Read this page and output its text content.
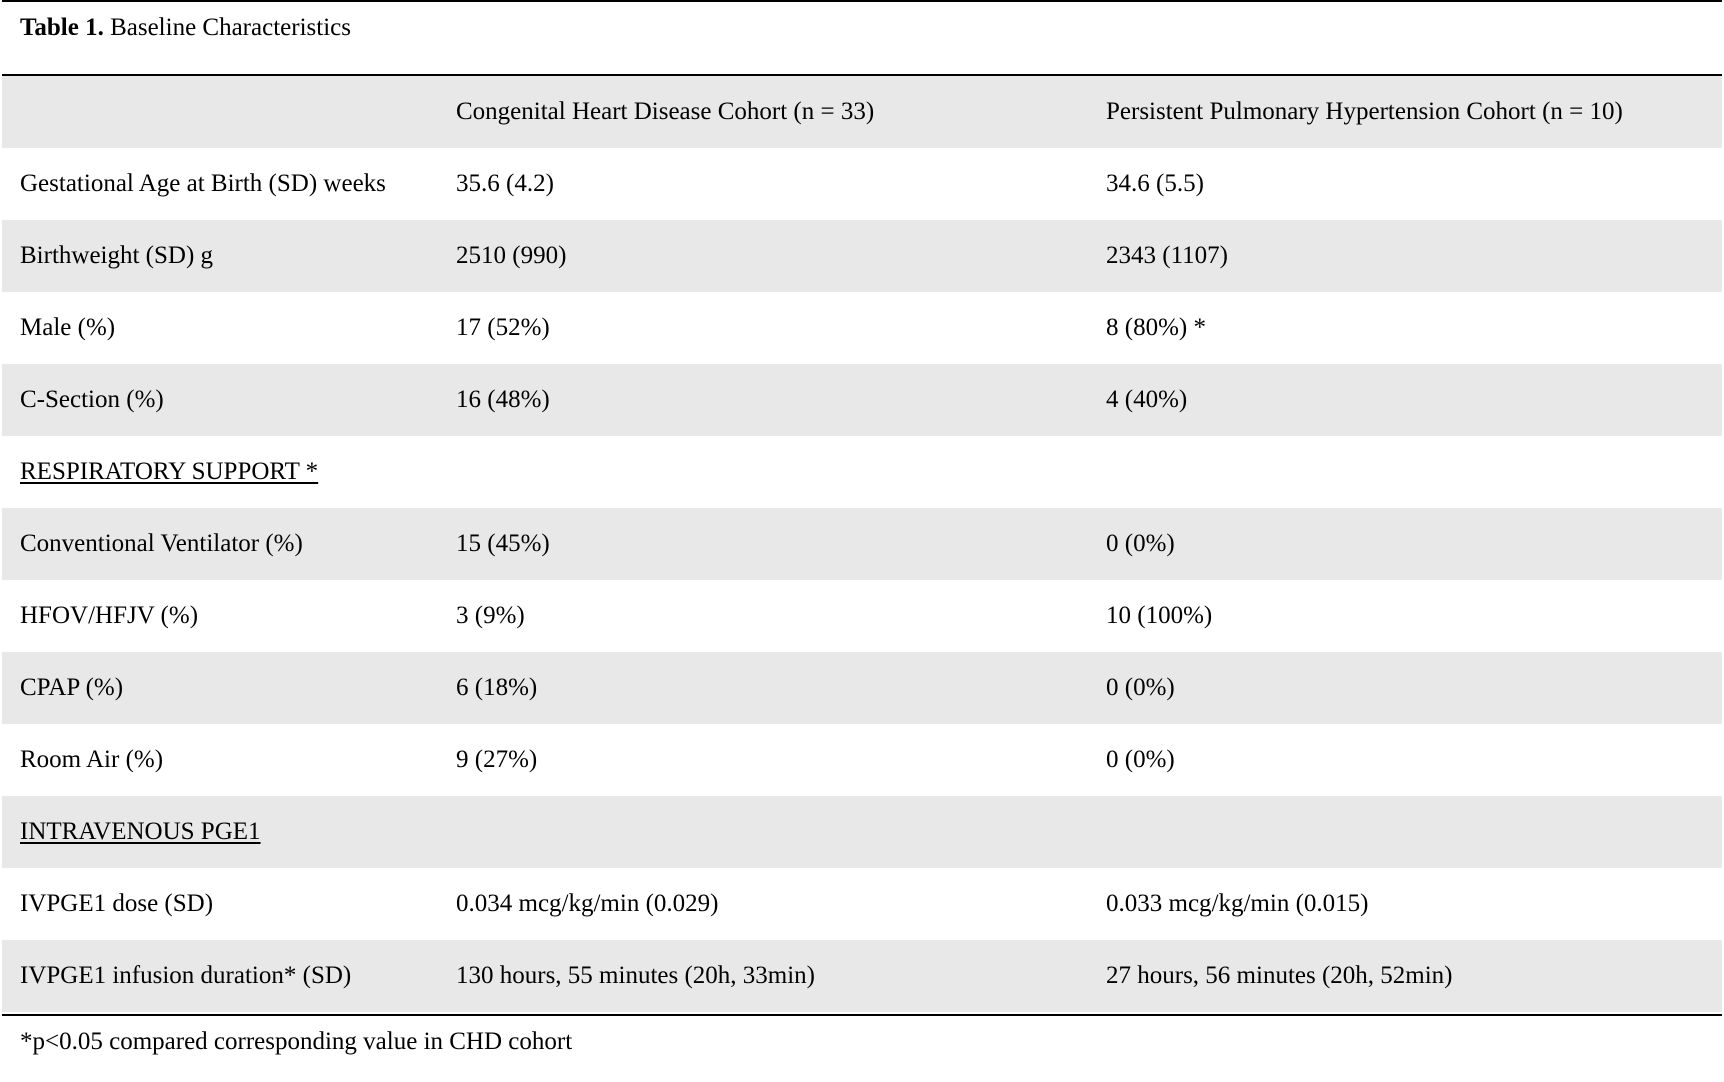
Table 1. Baseline Characteristics
	Congenital Heart Disease Cohort (n = 33)	Persistent Pulmonary Hypertension Cohort (n = 10)
Gestational Age at Birth (SD) weeks	35.6 (4.2)	34.6 (5.5)
Birthweight (SD) g	2510 (990)	2343 (1107)
Male (%)	17 (52%)	8 (80%) *
C-Section (%)	16 (48%)	4 (40%)
RESPIRATORY SUPPORT *		
Conventional Ventilator (%)	15 (45%)	0 (0%)
HFOV/HFJV (%)	3 (9%)	10 (100%)
CPAP (%)	6 (18%)	0 (0%)
Room Air (%)	9 (27%)	0 (0%)
INTRAVENOUS PGE1		
IVPGE1 dose (SD)	0.034 mcg/kg/min (0.029)	0.033 mcg/kg/min (0.015)
IVPGE1 infusion duration* (SD)	130 hours, 55 minutes (20h, 33min)	27 hours, 56 minutes (20h, 52min)
*p<0.05 compared corresponding value in CHD cohort
